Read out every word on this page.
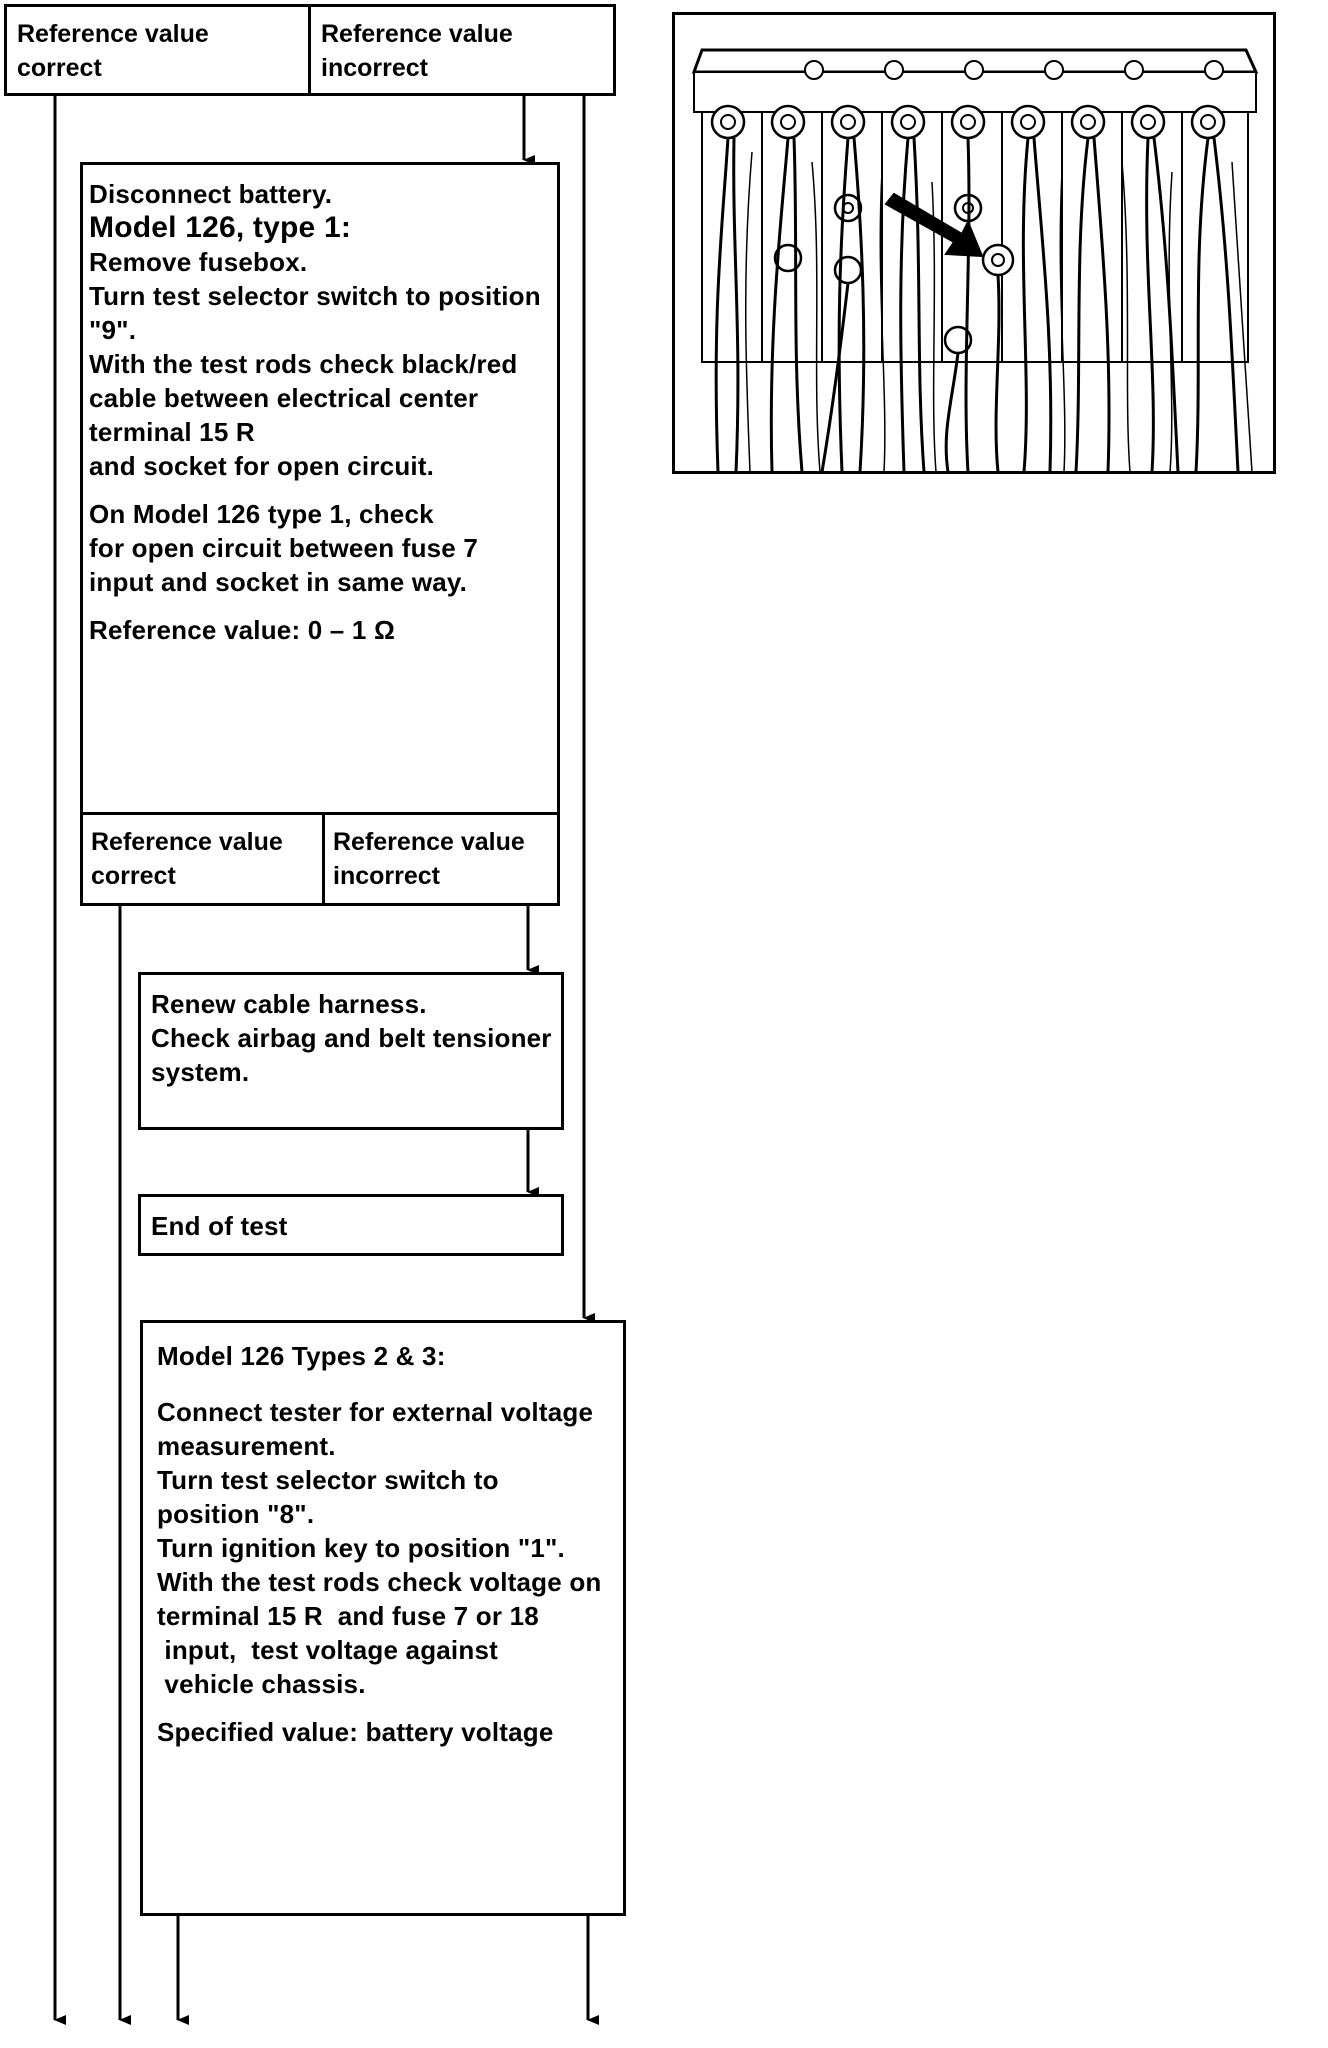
Reference value
correct
Reference value
incorrect
Disconnect battery.
Model 126, type 1:
Remove fusebox.
Turn test selector switch to position
"9".
With the test rods check black/red
cable between electrical center
terminal 15 R
and socket for open circuit.
On Model 126 type 1, check
for open circuit between fuse 7
input and socket in same way.
Reference value: 0 – 1 Ω
Reference value
correct
Reference value
incorrect
Renew cable harness.
Check airbag and belt tensioner
system.
End of test
Model 126 Types 2 & 3:
Connect tester for external voltage
measurement.
Turn test selector switch to
position "8".
Turn ignition key to position "1".
With the test rods check voltage on
terminal 15 R  and fuse 7 or 18
input,  test voltage against
vehicle chassis.
Specified value: battery voltage
